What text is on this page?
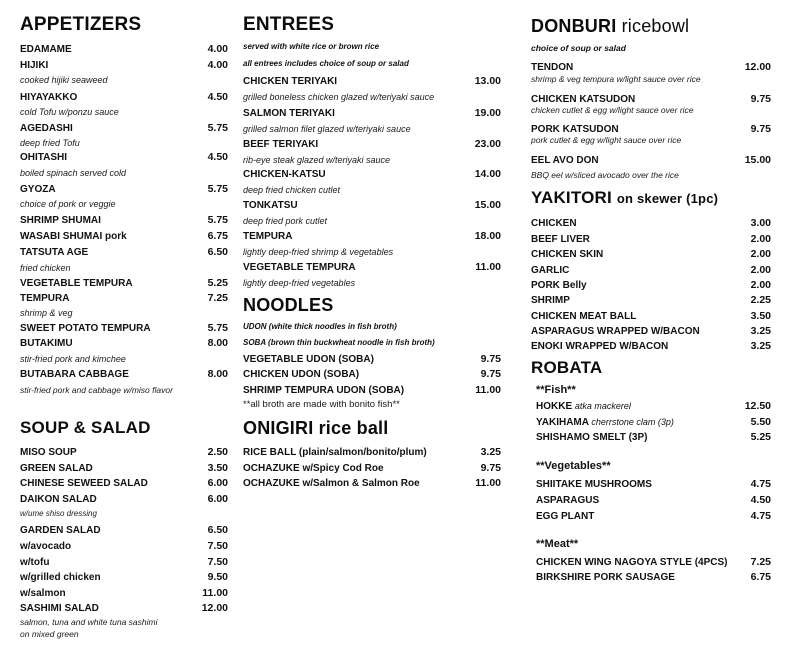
APPETIZERS
EDAMAME	4.00
HIJIKI	4.00
cooked hijiki seaweed
HIYAYAKKO	4.50
cold Tofu w/ponzu sauce
AGEDASHI	5.75
deep fried Tofu
OHITASHI	4.50
boiled spinach served cold
GYOZA	5.75
choice of pork or veggie
SHRIMP SHUMAI	5.75
WASABI SHUMAI pork	6.75
TATSUTA AGE	6.50
fried chicken
VEGETABLE TEMPURA	5.25
TEMPURA	7.25
shrimp & veg
SWEET POTATO TEMPURA	5.75
BUTAKIMU	8.00
stir-fried pork and kimchee
BUTABARA CABBAGE	8.00
stir-fried pork and cabbage w/miso flavor
SOUP & SALAD
MISO SOUP	2.50
GREEN SALAD	3.50
CHINESE SEWEED SALAD	6.00
DAIKON SALAD	6.00
w/ume shiso dressing
GARDEN SALAD	6.50
w/avocado	7.50
w/tofu	7.50
w/grilled chicken	9.50
w/salmon	11.00
SASHIMI SALAD	12.00
salmon, tuna and white tuna sashimi
on mixed green
ENTREES
served with white rice or brown rice
all entrees includes choice of soup or salad
CHICKEN TERIYAKI	13.00
grilled boneless chicken glazed w/teriyaki sauce
SALMON TERIYAKI	19.00
grilled salmon filet glazed w/teriyaki sauce
BEEF TERIYAKI	23.00
rib-eye steak glazed w/teriyaki sauce
CHICKEN-KATSU	14.00
deep fried chicken cutlet
TONKATSU	15.00
deep fried pork cutlet
TEMPURA	18.00
lightly deep-fried shrimp & vegetables
VEGETABLE TEMPURA	11.00
lightly deep-fried vegetables
NOODLES
UDON (white thick noodles in fish broth)
SOBA (brown thin buckwheat noodle in fish broth)
VEGETABLE UDON (SOBA)	9.75
CHICKEN UDON (SOBA)	9.75
SHRIMP TEMPURA UDON (SOBA)	11.00
**all broth are made with bonito fish**
ONIGIRI rice ball
RICE BALL (plain/salmon/bonito/plum)	3.25
OCHAZUKE w/Spicy Cod Roe	9.75
OCHAZUKE w/Salmon & Salmon Roe	11.00
DONBURI ricebowl
choice of soup or salad
TENDON	12.00
shrimp & veg tempura w/light sauce over rice
CHICKEN KATSUDON	9.75
chicken cutlet & egg w/light sauce over rice
PORK KATSUDON	9.75
pork cutlet & egg w/light sauce over rice
EEL AVO DON	15.00
BBQ eel w/sliced avocado over the rice
YAKITORI on skewer (1pc)
CHICKEN	3.00
BEEF LIVER	2.00
CHICKEN SKIN	2.00
GARLIC	2.00
PORK Belly	2.00
SHRIMP	2.25
CHICKEN MEAT BALL	3.50
ASPARAGUS WRAPPED W/BACON	3.25
ENOKI WRAPPED W/BACON	3.25
ROBATA
**Fish**
HOKKE atka mackerel	12.50
YAKIHAMA cherrstone clam (3p)	5.50
SHISHAMO SMELT (3P)	5.25
**Vegetables**
SHIITAKE MUSHROOMS	4.75
ASPARAGUS	4.50
EGG PLANT	4.75
**Meat**
CHICKEN WING NAGOYA STYLE (4PCS) 7.25
BIRKSHIRE PORK SAUSAGE	6.75
